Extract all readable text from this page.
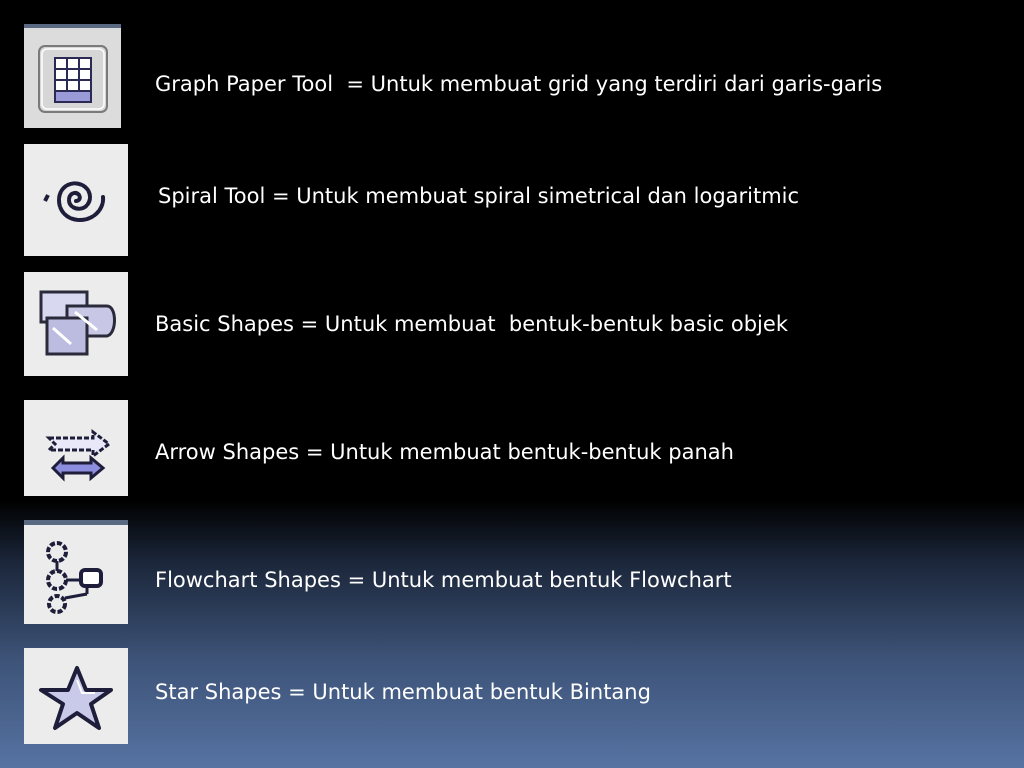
Graph Paper Tool  = Untuk membuat grid yang terdiri dari garis-garis
Spiral Tool = Untuk membuat spiral simetrical dan logaritmic
Basic Shapes = Untuk membuat  bentuk-bentuk basic objek
Arrow Shapes = Untuk membuat bentuk-bentuk panah
Flowchart Shapes = Untuk membuat bentuk Flowchart
Star Shapes = Untuk membuat bentuk Bintang
